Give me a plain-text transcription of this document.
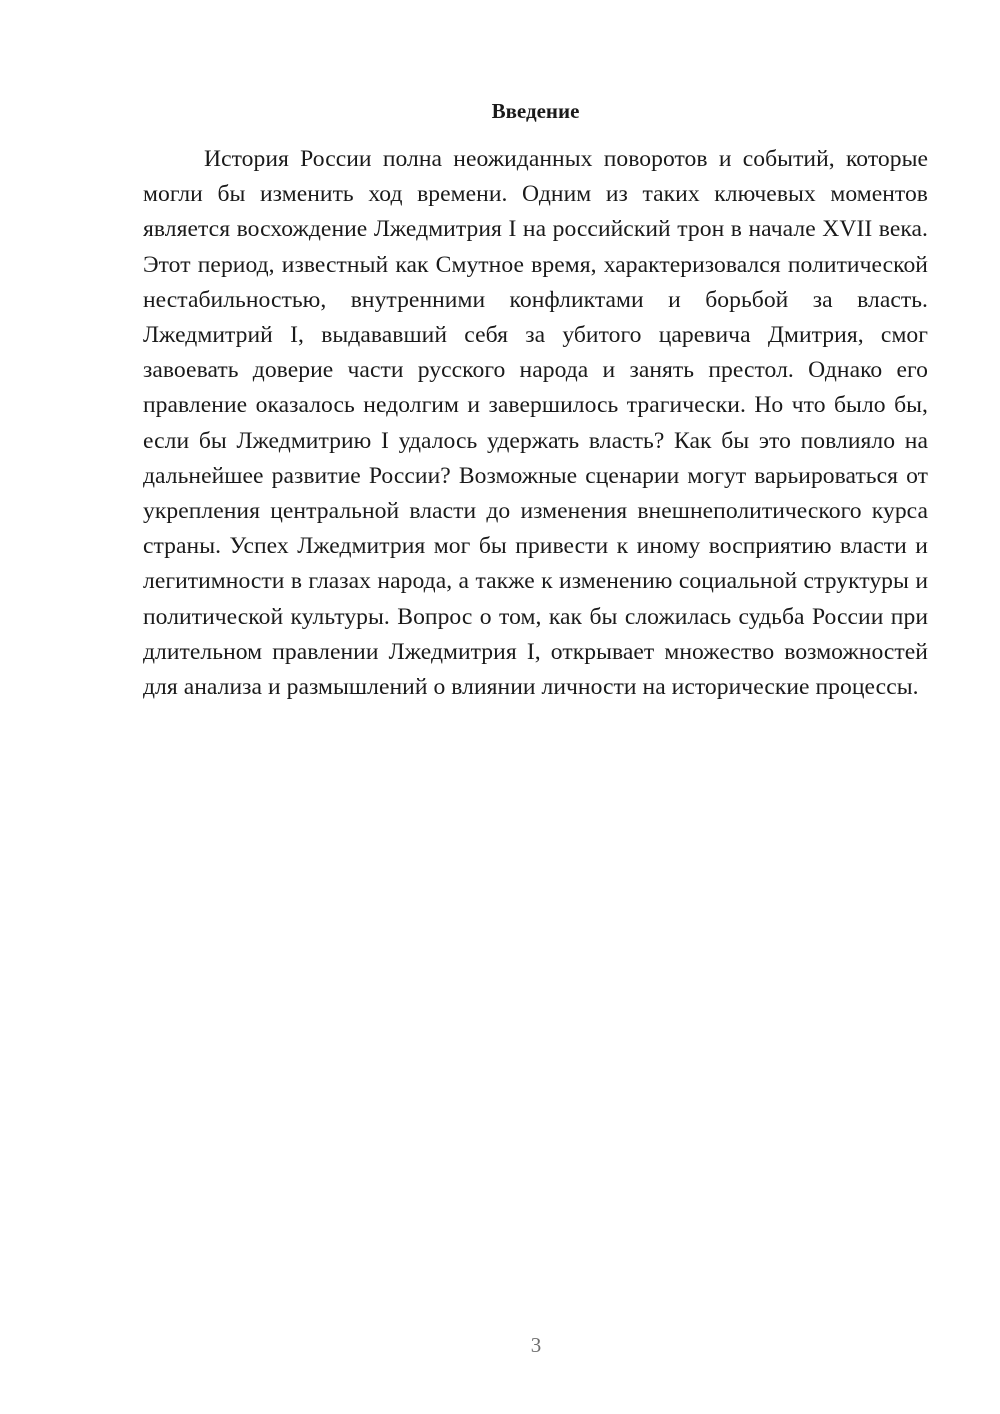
Введение

История России полна неожиданных поворотов и событий, которые могли бы изменить ход времени. Одним из таких ключевых моментов является восхождение Лжедмитрия I на российский трон в начале XVII века. Этот период, известный как Смутное время, характеризовался политической нестабильностью, внутренними конфликтами и борьбой за власть. Лжедмитрий I, выдававший себя за убитого царевича Дмитрия, смог завоевать доверие части русского народа и занять престол. Однако его правление оказалось недолгим и завершилось трагически. Но что было бы, если бы Лжедмитрию I удалось удержать власть? Как бы это повлияло на дальнейшее развитие России? Возможные сценарии могут варьироваться от укрепления центральной власти до изменения внешнеполитического курса страны. Успех Лжедмитрия мог бы привести к иному восприятию власти и легитимности в глазах народа, а также к изменению социальной структуры и политической культуры. Вопрос о том, как бы сложилась судьба России при длительном правлении Лжедмитрия I, открывает множество возможностей для анализа и размышлений о влиянии личности на исторические процессы.

3
